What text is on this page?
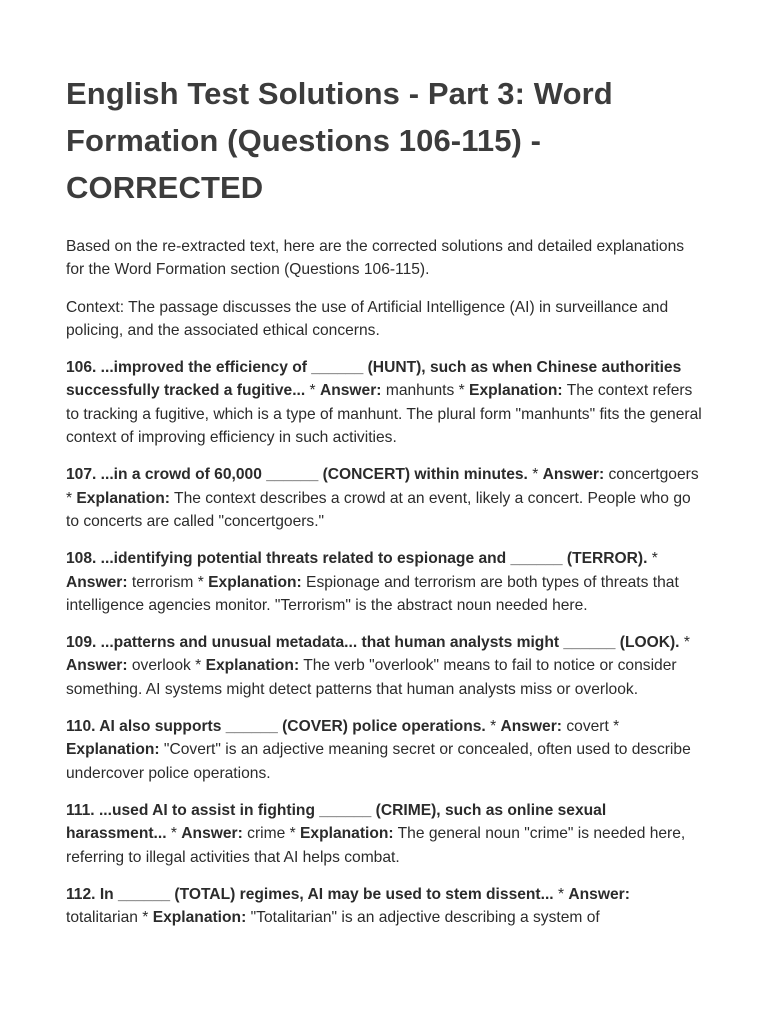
English Test Solutions - Part 3: Word Formation (Questions 106-115) - CORRECTED

Based on the re-extracted text, here are the corrected solutions and detailed explanations for the Word Formation section (Questions 106-115).

Context: The passage discusses the use of Artificial Intelligence (AI) in surveillance and policing, and the associated ethical concerns.

106. ...improved the efficiency of ______ (HUNT), such as when Chinese authorities successfully tracked a fugitive... * Answer: manhunts * Explanation: The context refers to tracking a fugitive, which is a type of manhunt. The plural form "manhunts" fits the general context of improving efficiency in such activities.

107. ...in a crowd of 60,000 ______ (CONCERT) within minutes. * Answer: concertgoers * Explanation: The context describes a crowd at an event, likely a concert. People who go to concerts are called "concertgoers."

108. ...identifying potential threats related to espionage and ______ (TERROR). * Answer: terrorism * Explanation: Espionage and terrorism are both types of threats that intelligence agencies monitor. "Terrorism" is the abstract noun needed here.

109. ...patterns and unusual metadata... that human analysts might ______ (LOOK). * Answer: overlook * Explanation: The verb "overlook" means to fail to notice or consider something. AI systems might detect patterns that human analysts miss or overlook.

110. AI also supports ______ (COVER) police operations. * Answer: covert * Explanation: "Covert" is an adjective meaning secret or concealed, often used to describe undercover police operations.

111. ...used AI to assist in fighting ______ (CRIME), such as online sexual harassment... * Answer: crime * Explanation: The general noun "crime" is needed here, referring to illegal activities that AI helps combat.

112. In ______ (TOTAL) regimes, AI may be used to stem dissent... * Answer: totalitarian * Explanation: "Totalitarian" is an adjective describing a system of
